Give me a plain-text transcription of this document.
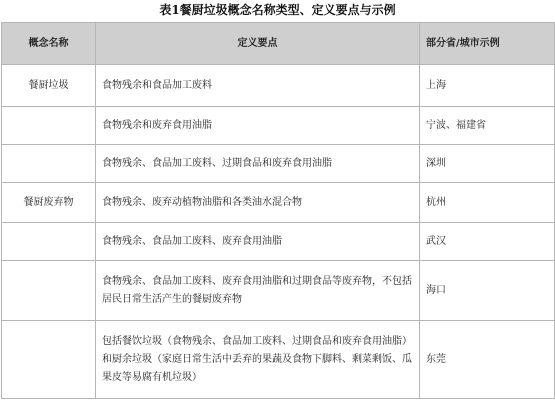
表1餐厨垃圾概念名称类型、定义要点与示例
概念名称	定义要点	部分省/城市示例
餐厨垃圾	食物残余和食品加工废料	上海
	食物残余和废弃食用油脂	宁波、福建省
	食物残余、食品加工废料、过期食品和废弃食用油脂	深圳
餐厨废弃物	食物残余、废弃动植物油脂和各类油水混合物	杭州
	食物残余、食品加工废料、废弃食用油脂	武汉
	食物残余、食品加工废料、废弃食用油脂和过期食品等废弃物，不包括居民日常生活产生的餐厨废弃物	海口
	包括餐饮垃圾（食物残余、食品加工废料、过期食品和废弃食用油脂）和厨余垃圾（家庭日常生活中丢弃的果蔬及食物下脚料、剩菜剩饭、瓜果皮等易腐有机垃圾）	东莞
